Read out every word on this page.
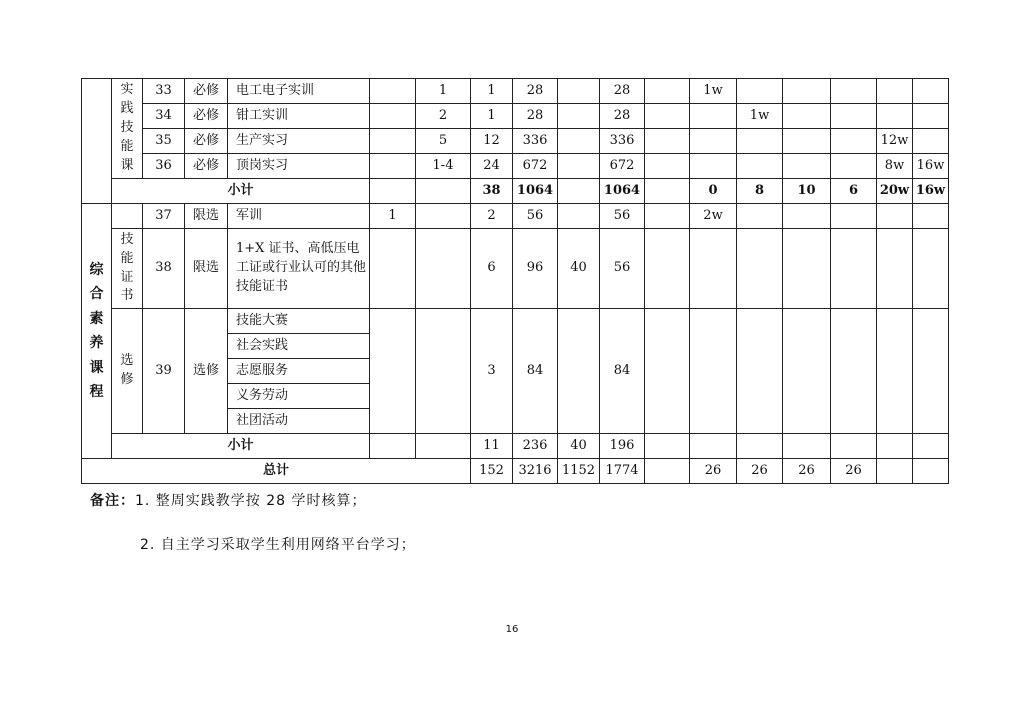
	实践技能课	33	必修	电工电子实训		1	1	28		28		1w					
		34	必修	钳工实训		2	1	28		28			1w				
		35	必修	生产实习		5	12	336		336						12w	
		36	必修	顶岗实习		1-4	24	672		672						8w	16w
	小计						38	1064		1064		0	8	10	6	20w	16w
综合素养课程		37	限选	军训	1		2	56		56		2w					
	技能证书	38	限选	1+X 证书、高低压电工证或行业认可的其他技能证书			6	96	40	56							
	选修	39	选修	技能大赛			3	84		84							
				社会实践													
				志愿服务													
				义务劳动													
				社团活动													
	小计						11	236	40	196							
总计							152	3216	1152	1774		26	26	26	26		
备注：1. 整周实践教学按 28 学时核算；
2. 自主学习采取学生利用网络平台学习；
16
